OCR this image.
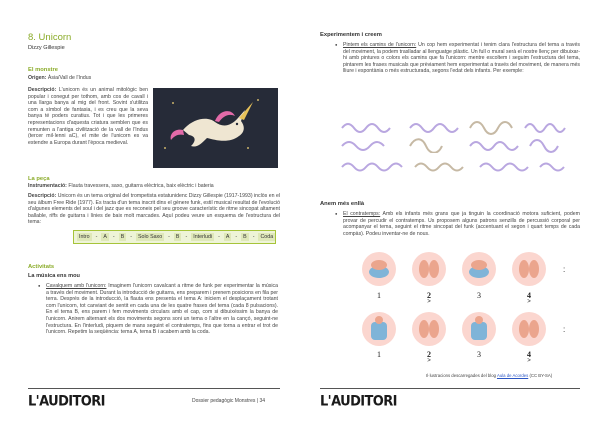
8. Unicorn
Dizzy Gillespie
El monstre
Origen: Àsia/Vall de l'Indus
Descripció: L'unicorn és un animal mitològic ben popular i conegut per tothom, amb cos de cavall i una llarga banya al mig del front. Sovint s'utilitza com a símbol de fantasia, i es creu que la seva banya té poders curatius. Tot i que les primeres representacions d'aquesta criatura semblen que es remunten a l'antiga civilització de la vall de l'Indus (tercer mil·lenni aC), el mite de l'unicorn es va estendre a Europa durant l'època medieval.
La peça
Instrumentació: Flauta travessera, saxo, guitarra elèctrica, baix elèctric i bateria
Descripció: Unicorn és un tema original del trompetista estatunidenc Dizzy Gillespie (1917-1993) inclòs en el seu àlbum Free Ride (1977). Es tracta d'un tema inscrit dins el gènere funk, estil musical resultat de l'evolució d'algunes elements del soul i del jazz que es reconeix pel seu groove característic de ritme sincopat altament ballable, riffs de guitarra i línies de baix molt marcades. Aquí podeu veure un esquema de l'estructura del tema:
Intro	-	A	-	B	-	Solo Saxo	-	B	-	Interludi	-	A	-	B	-	Coda
Activitats
La música ens mou
● Cavalquem amb l'unicorn: Imaginem l'unicorn cavalcant a ritme de funk per experimentar la música a través del moviment. Durant la introducció de guitarra, ens preparem i prenem posicions en fila per terra. Després de la introducció, la flauta ens presenta el tema A: iniciem el desplaçament trotant com l'unicorn, tot canviant de sentit en cada una de les quatre frases del tema (cada 8 pulsacions). En el tema B, ens parem i fem moviments circulars amb el cap, com si dibuixéssim la banya de l'unicorn. Anirem alternant els dos moviments segons soni un tema o l'altre en la cançó, seguint-ne l'estructura. En l'interludi, piquem de mans seguint el contratemps, fins que torna a entrar el trot de l'unicorn. Repetim la seqüència: tema A, tema B i acabem amb la coda.
L'AUDITORI	Dossier pedagògic Monstres | 34
Experimentem i creem
● Pintem els camins de l'unicorn: Un cop hem experimentat i tenim clara l'estructura del tema a través del moviment, la podem traslladar al llenguatge plàstic. Un full o mural serà el nostre llenç per dibuixar-hi amb pintures o colors els camins que fa l'unicorn: mentre escoltem i seguim l'estructura del tema, pintarem les frases musicals que prèviament hem experimentat a través del moviment, de manera més lliure i espontània o més estructurada, segons l'edat dels infants. Per exemple:
Anem més enllà
● El contratemps: Amb els infants més grans que ja tinguin la coordinació motora suficient, podem provar de percudir el contratemps. Us proposem alguns patrons senzills de percussió corporal per acompanyar el tema, seguint el ritme sincopat del funk (accentuant el segon i quart temps de cada compàs). Podeu inventar-ne de nous.
:
1	2
>
3	4
>
:
1	2
>
3	4
>
Il·lustracions descarregades del blog Aula de Acordes (CC BY-SA)
L'AUDITORI
